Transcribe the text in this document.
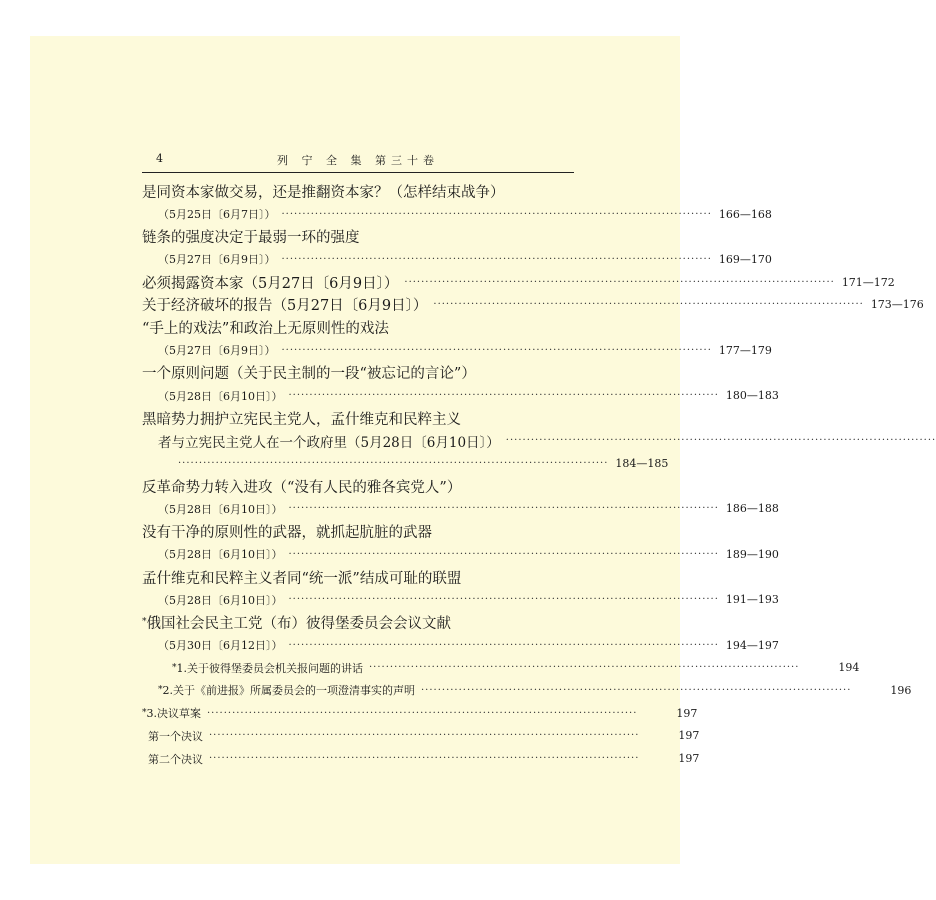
4	列 宁 全 集 第三十卷
是同资本家做交易，还是推翻资本家？（怎样结束战争）
（5月25日〔6月7日〕） ······································································································· 166—168
链条的强度决定于最弱一环的强度
（5月27日〔6月9日〕） ······································································································· 169—170
必须揭露资本家（5月27日〔6月9日〕） ······································································································· 171—172
关于经济破坏的报告（5月27日〔6月9日〕） ······································································································· 173—176
“手上的戏法”和政治上无原则性的戏法
（5月27日〔6月9日〕） ······································································································· 177—179
一个原则问题（关于民主制的一段“被忘记的言论”）
（5月28日〔6月10日〕） ······································································································· 180—183
黑暗势力拥护立宪民主党人，孟什维克和民粹主义
者与立宪民主党人在一个政府里（5月28日〔6月10日〕） ·······································································································
······································································································· 184—185
反革命势力转入进攻（“没有人民的雅各宾党人”）
（5月28日〔6月10日〕） ······································································································· 186—188
没有干净的原则性的武器，就抓起肮脏的武器
（5月28日〔6月10日〕） ······································································································· 189—190
孟什维克和民粹主义者同“统一派”结成可耻的联盟
（5月28日〔6月10日〕） ······································································································· 191—193
* 俄国社会民主工党（布）彼得堡委员会会议文献
（5月30日〔6月12日〕） ······································································································· 194—197
* 1.关于彼得堡委员会机关报问题的讲话 ·······································································································	194
* 2.关于《前进报》所属委员会的一项澄清事实的声明 ·······································································································	196
* 3.决议草案 ·······································································································	197
第一个决议 ·······································································································	197
第二个决议 ·······································································································	197
